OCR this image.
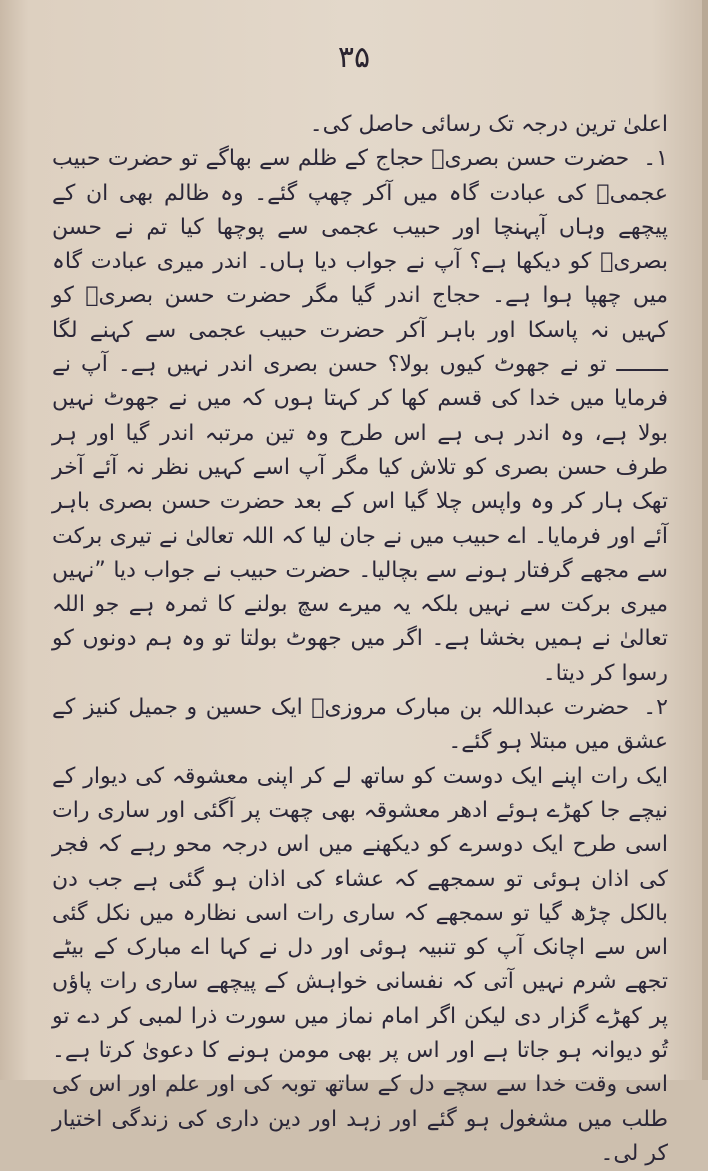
۳۵

اعلیٰ ترین درجہ تک رسائی حاصل کی۔

۱۔حضرت حسن بصریؒ حجاج کے ظلم سے بھاگے تو حضرت حبیب عجمیؒ کی عبادت گاہ میں آکر چھپ گئے۔ وہ ظالم بھی ان کے پیچھے وہاں آپہنچا اور حبیب عجمی سے پوچھا کیا تم نے حسن بصریؒ کو دیکھا ہے؟ آپ نے جواب دیا ہاں۔ اندر میری عبادت گاہ میں چھپا ہوا ہے۔ حجاج اندر گیا مگر حضرت حسن بصریؒ کو کہیں نہ پاسکا اور باہر آکر حضرت حبیب عجمی سے کہنے لگا ــــــــ تو نے جھوٹ کیوں بولا؟ حسن بصری اندر نہیں ہے۔ آپ نے فرمایا میں خدا کی قسم کھا کر کہتا ہوں کہ میں نے جھوٹ نہیں بولا ہے، وہ اندر ہی ہے اس طرح وہ تین مرتبہ اندر گیا اور ہر طرف حسن بصری کو تلاش کیا مگر آپ اسے کہیں نظر نہ آئے آخر تھک ہار کر وہ واپس چلا گیا اس کے بعد حضرت حسن بصری باہر آئے اور فرمایا۔ اے حبیب میں نے جان لیا کہ اللہ تعالیٰ نے تیری برکت سے مجھے گرفتار ہونے سے بچالیا۔ حضرت حبیب نے جواب دیا ”نہیں میری برکت سے نہیں بلکہ یہ میرے سچ بولنے کا ثمرہ ہے جو اللہ تعالیٰ نے ہمیں بخشا ہے۔ اگر میں جھوٹ بولتا تو وہ ہم دونوں کو رسوا کر دیتا۔

۲۔حضرت عبداللہ بن مبارک مروزیؒ ایک حسین و جمیل کنیز کے عشق میں مبتلا ہو گئے۔

ایک رات اپنے ایک دوست کو ساتھ لے کر اپنی معشوقہ کی دیوار کے نیچے جا کھڑے ہوئے ادھر معشوقہ بھی چھت پر آگئی اور ساری رات اسی طرح ایک دوسرے کو دیکھنے میں اس درجہ محو رہے کہ فجر کی اذان ہوئی تو سمجھے کہ عشاء کی اذان ہو گئی ہے جب دن بالکل چڑھ گیا تو سمجھے کہ ساری رات اسی نظارہ میں نکل گئی اس سے اچانک آپ کو تنبیہ ہوئی اور دل نے کہا اے مبارک کے بیٹے تجھے شرم نہیں آتی کہ نفسانی خواہش کے پیچھے ساری رات پاؤں پر کھڑے گزار دی لیکن اگر امام نماز میں سورت ذرا لمبی کر دے تو تُو دیوانہ ہو جاتا ہے اور اس پر بھی مومن ہونے کا دعویٰ کرتا ہے۔ اسی وقت خدا سے سچے دل کے ساتھ توبہ کی اور علم اور اس کی طلب میں مشغول ہو گئے اور زہد اور دین داری کی زندگی اختیار کر لی۔
